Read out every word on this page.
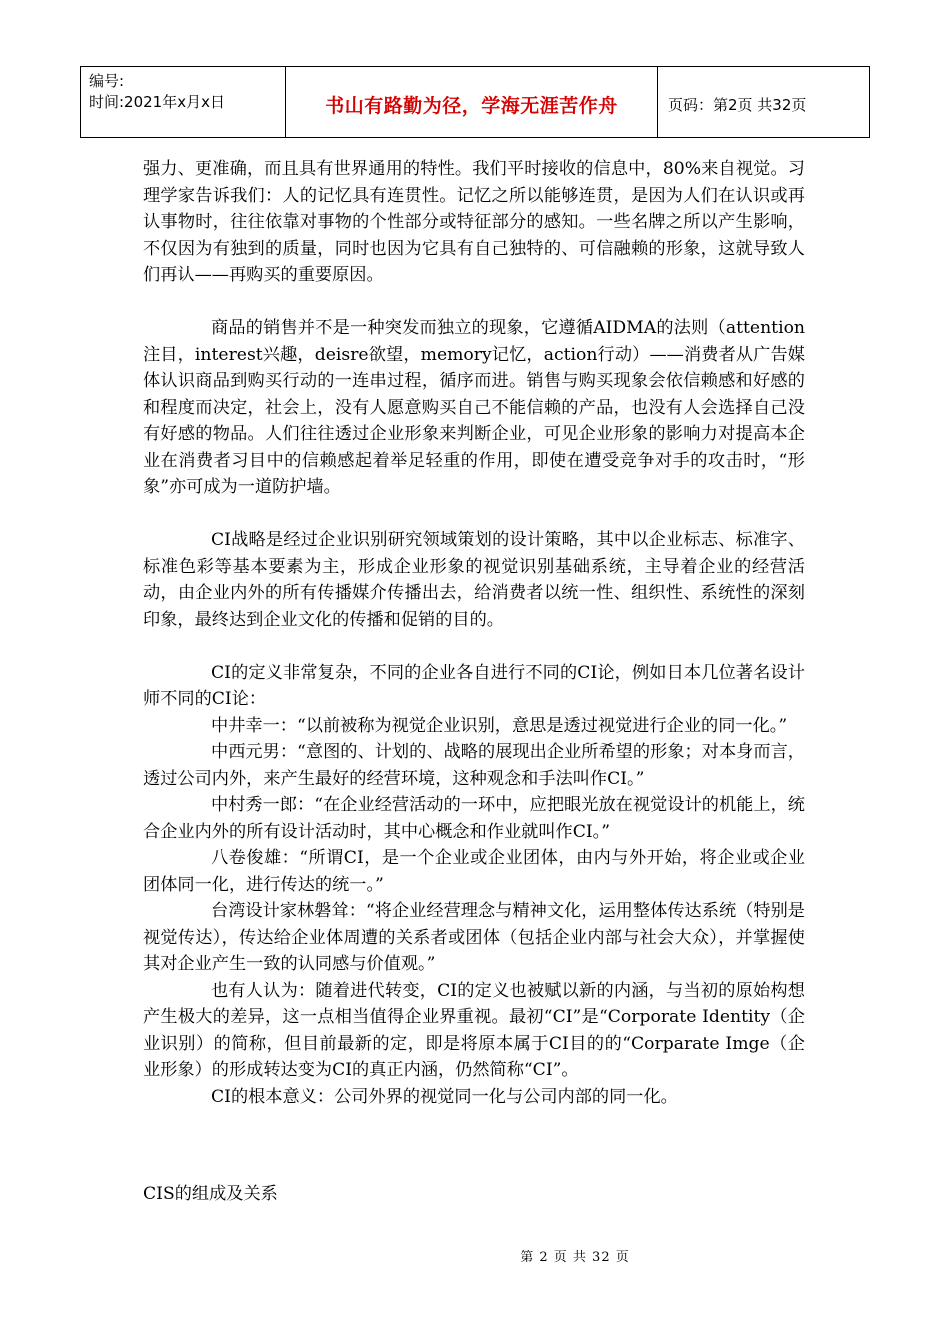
编号:
时间:2021年x月x日	书山有路勤为径，学海无涯苦作舟	页码：第2页 共32页

强力、更准确，而且具有世界通用的特性。我们平时接收的信息中，80%来自视觉。习理学家告诉我们：人的记忆具有连贯性。记忆之所以能够连贯，是因为人们在认识或再认事物时，往往依靠对事物的个性部分或特征部分的感知。一些名牌之所以产生影响，不仅因为有独到的质量，同时也因为它具有自己独特的、可信融赖的形象，这就导致人们再认——再购买的重要原因。

商品的销售并不是一种突发而独立的现象，它遵循AIDMA的法则（attention注目，interest兴趣，deisre欲望，memory记忆，action行动）——消费者从广告媒体认识商品到购买行动的一连串过程，循序而进。销售与购买现象会依信赖感和好感的和程度而决定，社会上，没有人愿意购买自己不能信赖的产品，也没有人会选择自己没有好感的物品。人们往往透过企业形象来判断企业，可见企业形象的影响力对提高本企业在消费者习目中的信赖感起着举足轻重的作用，即使在遭受竞争对手的攻击时，“形象”亦可成为一道防护墙。

CI战略是经过企业识别研究领域策划的设计策略，其中以企业标志、标准字、标准色彩等基本要素为主，形成企业形象的视觉识别基础系统，主导着企业的经营活动，由企业内外的所有传播媒介传播出去，给消费者以统一性、组织性、系统性的深刻印象，最终达到企业文化的传播和促销的目的。

CI的定义非常复杂，不同的企业各自进行不同的CI论，例如日本几位著名设计师不同的CI论：

中井幸一：“以前被称为视觉企业识别，意思是透过视觉进行企业的同一化。”

中西元男：“意图的、计划的、战略的展现出企业所希望的形象；对本身而言，透过公司内外，来产生最好的经营环境，这种观念和手法叫作CI。”

中村秀一郎：“在企业经营活动的一环中，应把眼光放在视觉设计的机能上，统合企业内外的所有设计活动时，其中心概念和作业就叫作CI。”

八卷俊雄：“所谓CI，是一个企业或企业团体，由内与外开始，将企业或企业团体同一化，进行传达的统一。”

台湾设计家林磐耸：“将企业经营理念与精神文化，运用整体传达系统（特别是视觉传达），传达给企业体周遭的关系者或团体（包括企业内部与社会大众），并掌握使其对企业产生一致的认同感与价值观。”

也有人认为：随着进代转变，CI的定义也被赋以新的内涵，与当初的原始构想产生极大的差异，这一点相当值得企业界重视。最初“CI”是“Corporate Identity（企业识别）的简称，但目前最新的定，即是将原本属于CI目的的“Corparate Imge（企业形象）的形成转达变为CI的真正内涵，仍然简称“CI”。

CI的根本意义：公司外界的视觉同一化与公司内部的同一化。

CIS的组成及关系
第 2 页 共 32 页
